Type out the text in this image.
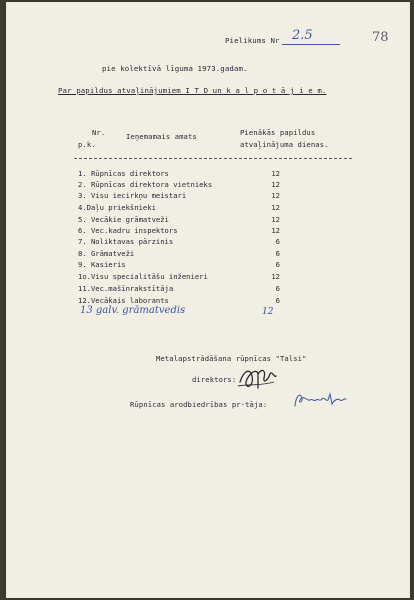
Pielikums Nr 2.5	78
pie kolektīvā līguma 1973.gadam.
Par papildus atvaļinājumiem I T D un k a l p o t ā j i e m.
Nr.
p.k.
Ieņemamais amats	Pienākās papildus
atvaļinājuma dienas.
1. Rūpnīcas direktors	12
2. Rūpnīcas direktora vietnieks	12
3. Visu iecirkņu meistari	12
4.Daļu priekšnieki	12
5. Vecākie grāmatveži	12
6. Vec.kadru inspektors	12
7. Noliktavas pārzinis	6
8. Grāmatveži	6
9. Kasieris	6
1o.Visu specialitāšu inženieri	12
11.Vec.mašīnrakstītāja	6
12.Vecākais laborants	6
13 galv. grāmatvedis	12
Metalapstrādāšana rūpnīcas "Talsi"
direktors:
Rūpnīcas arodbiedrības pr-tāja:
